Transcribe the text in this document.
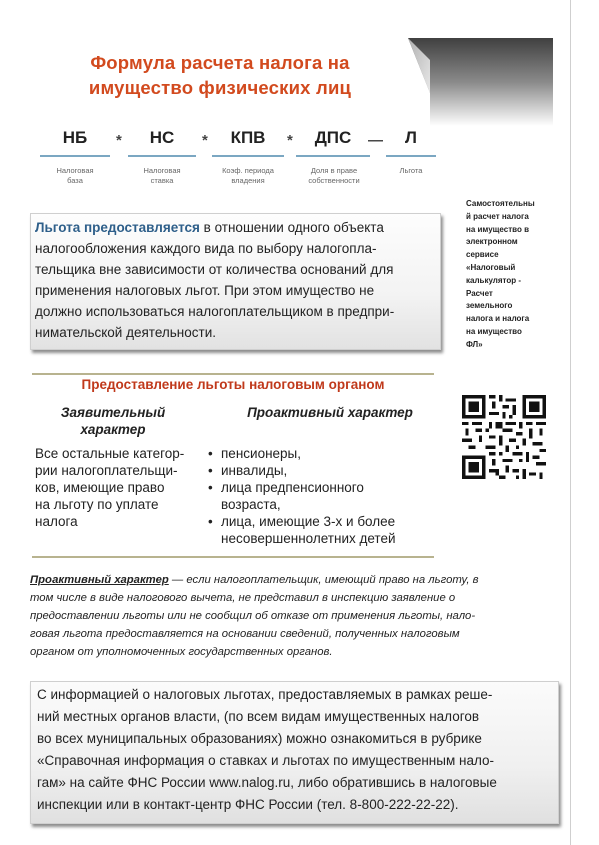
Формула расчета налога на
имущество физических лиц
НБ
Налоговая
база
*	НС
Налоговая
ставка
*	КПВ
Коэф. периода
владения
*	ДПС
Доля в праве
собственности
—	Л
Льгота
Самостоятельны
й расчет налога
на имущество в
электронном
сервисе
«Налоговый
калькулятор -
Расчет
земельного
налога и налога
на имущество
ФЛ»
Льгота предоставляется в отношении одного объекта
налогообложения каждого вида по выбору налогопла-
тельщика вне зависимости от количества оснований для
применения налоговых льгот. При этом имущество не
должно использоваться налогоплательщиком в предпри-
нимательской деятельности.
Предоставление льготы налоговым органом
Заявительный
характер
Проактивный характер
Все остальные категор-
рии налогоплательщи-
ков, имеющие право
на льготу по уплате
налога
• пенсионеры,
• инвалиды,
• лица предпенсионного
возраста,
• лица, имеющие 3-х и более
несовершеннолетних детей
Проактивный характер — если налогоплательщик, имеющий право на льготу, в
том числе в виде налогового вычета, не представил в инспекцию заявление о
предоставлении льготы или не сообщил об отказе от применения льготы, нало-
говая льгота предоставляется на основании сведений, полученных налоговым
органом от уполномоченных государственных органов.
С информацией о налоговых льготах, предоставляемых в рамках реше-
ний местных органов власти, (по всем видам имущественных налогов
во всех муниципальных образованиях) можно ознакомиться в рубрике
«Справочная информация о ставках и льготах по имущественным нало-
гам» на сайте ФНС России www.nalog.ru, либо обратившись в налоговые
инспекции или в контакт-центр ФНС России (тел. 8-800-222-22-22).
